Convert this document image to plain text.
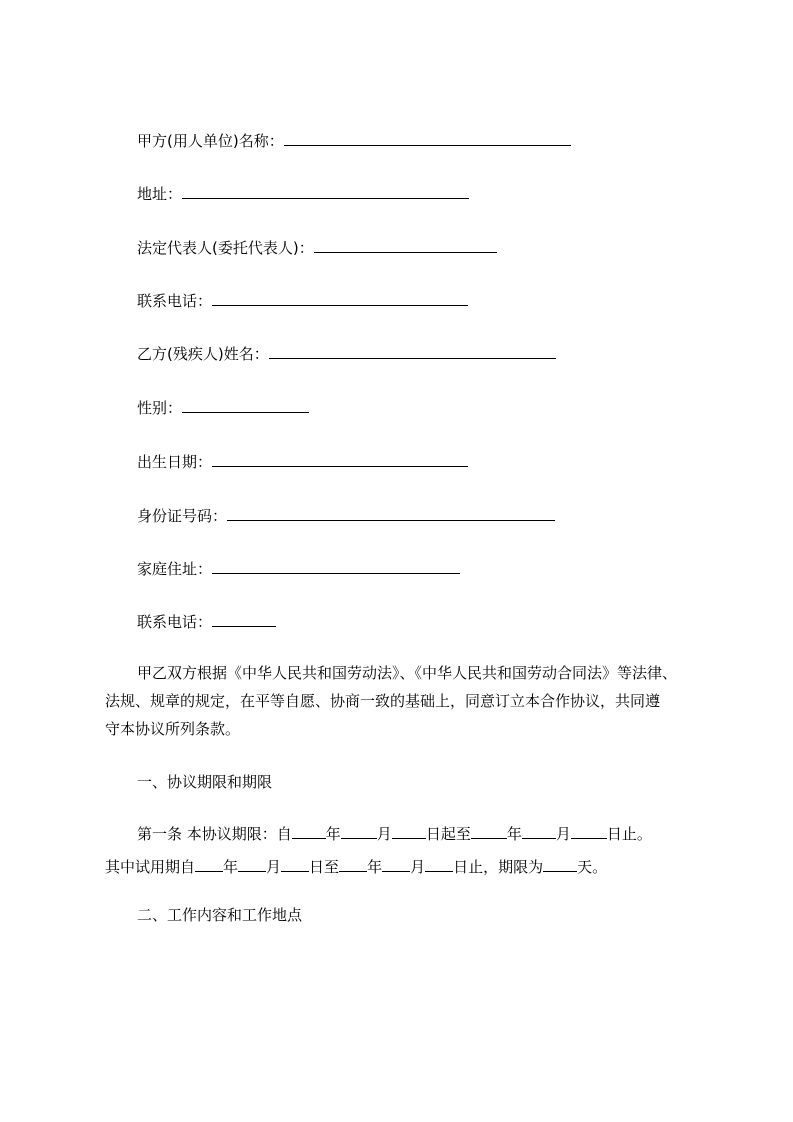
甲方(用人单位)名称：
地址：
法定代表人(委托代表人)：
联系电话：
乙方(残疾人)姓名：
性别：
出生日期：
身份证号码：
家庭住址：
联系电话：
甲乙双方根据《中华人民共和国劳动法》、《中华人民共和国劳动合同法》等法律、
法规、规章的规定，在平等自愿、协商一致的基础上，同意订立本合作协议，共同遵
守本协议所列条款。
一、协议期限和期限
第一条 本协议期限：自 年 月 日起至 年 月 日止。
其中试用期自 年 月 日至 年 月 日止，期限为 天。
二、工作内容和工作地点
